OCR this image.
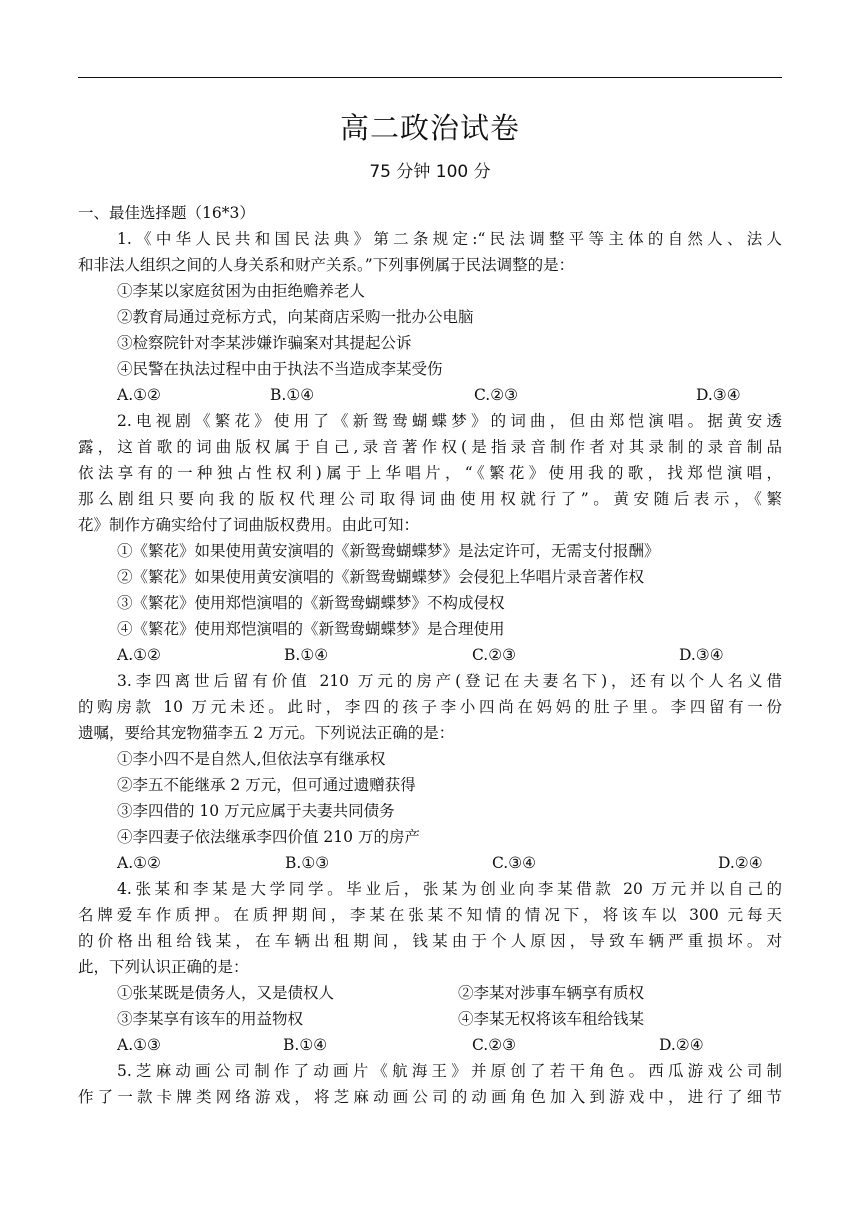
高二政治试卷
75 分钟 100 分
一、最佳选择题（16*3）
1.《中华人民共和国民法典》第二条规定:“民法调整平等主体的自然人、法人
和非法人组织之间的人身关系和财产关系。”下列事例属于民法调整的是：
①李某以家庭贫困为由拒绝赡养老人
②教育局通过竞标方式，向某商店采购一批办公电脑
③检察院针对李某涉嫌诈骗案对其提起公诉
④民警在执法过程中由于执法不当造成李某受伤
A.①②	B.①④	C.②③	D.③④
2.电视剧《繁花》使用了《新鸳鸯蝴蝶梦》的词曲，但由郑恺演唱。据黄安透
露，这首歌的词曲版权属于自己,录音著作权(是指录音制作者对其录制的录音制品
依法享有的一种独占性权利)属于上华唱片，“《繁花》使用我的歌，找郑恺演唱，
那么剧组只要向我的版权代理公司取得词曲使用权就行了”。黄安随后表示，《繁
花》制作方确实给付了词曲版权费用。由此可知：
①《繁花》如果使用黄安演唱的《新鸳鸯蝴蝶梦》是法定许可，无需支付报酬》
②《繁花》如果使用黄安演唱的《新鸳鸯蝴蝶梦》会侵犯上华唱片录音著作权
③《繁花》使用郑恺演唱的《新鸳鸯蝴蝶梦》不构成侵权
④《繁花》使用郑恺演唱的《新鸳鸯蝴蝶梦》是合理使用
A.①②	B.①④	C.②③	D.③④
3.李四离世后留有价值 210 万元的房产(登记在夫妻名下)，还有以个人名义借
的购房款 10 万元未还。此时，李四的孩子李小四尚在妈妈的肚子里。李四留有一份
遗嘱，要给其宠物猫李五 2 万元。下列说法正确的是：
①李小四不是自然人,但依法享有继承权
②李五不能继承 2 万元，但可通过遗赠获得
③李四借的 10 万元应属于夫妻共同债务
④李四妻子依法继承李四价值 210 万的房产
A.①②	B.①③	C.③④	D.②④
4.张某和李某是大学同学。毕业后，张某为创业向李某借款 20 万元并以自己的
名牌爱车作质押。在质押期间，李某在张某不知情的情况下，将该车以 300 元每天
的价格出租给钱某，在车辆出租期间，钱某由于个人原因，导致车辆严重损坏。对
此，下列认识正确的是：
①张某既是债务人，又是债权人	②李某对涉事车辆享有质权
③李某享有该车的用益物权	④李某无权将该车租给钱某
A.①③	B.①④	C.②③	D.②④
5.芝麻动画公司制作了动画片《航海王》并原创了若干角色。西瓜游戏公司制
作了一款卡牌类网络游戏，将芝麻动画公司的动画角色加入到游戏中，进行了细节
